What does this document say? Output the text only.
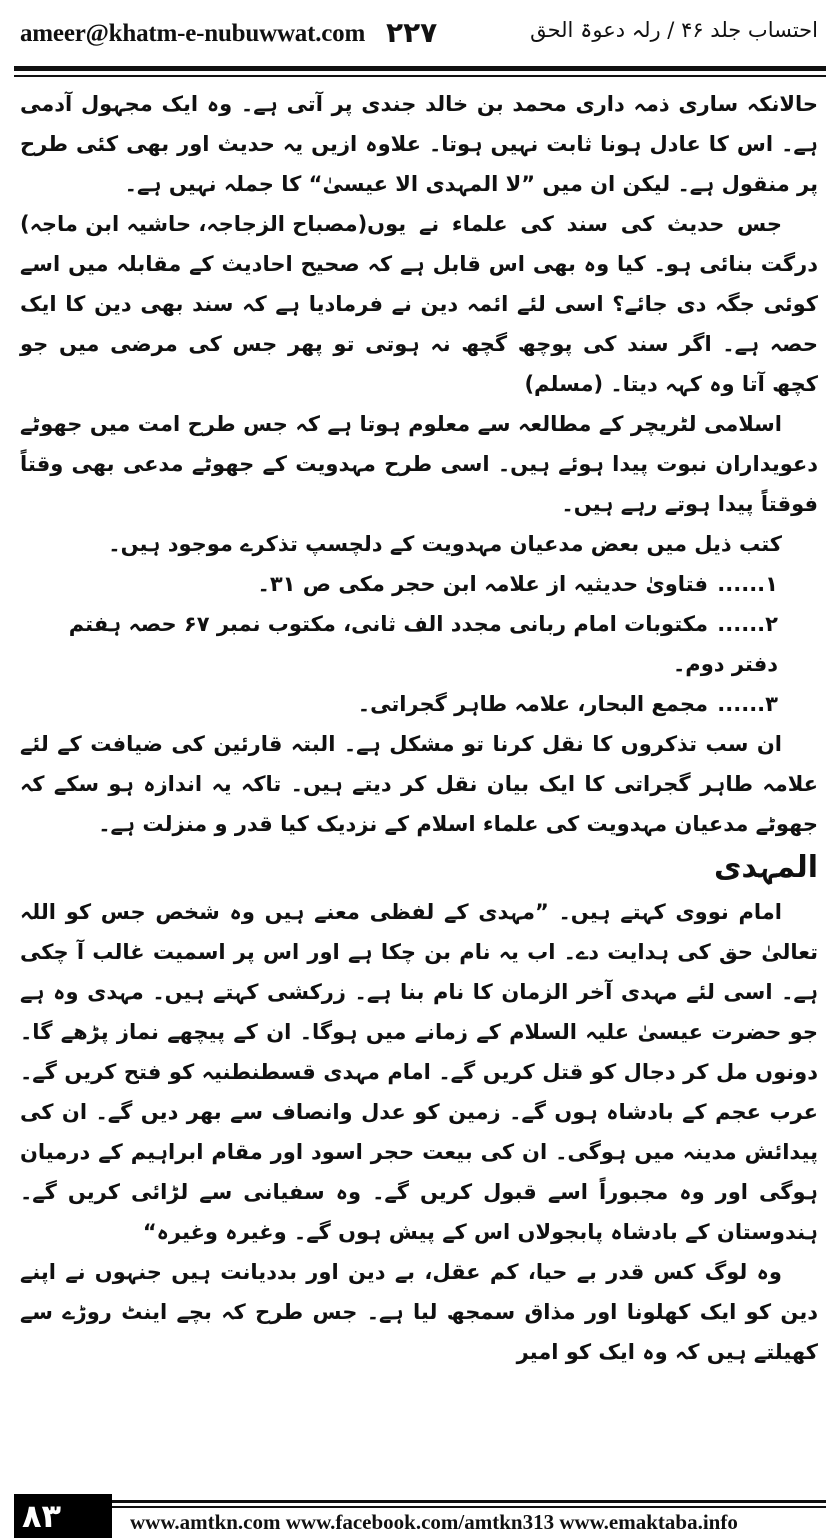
ameer@khatm-e-nubuwwat.com ۲۲۷	احتساب جلد ۴۶ / رلہ دعوۃ الحق

حالانکہ ساری ذمہ داری محمد بن خالد جندی پر آتی ہے۔ وہ ایک مجہول آدمی ہے۔ اس کا عادل ہونا ثابت نہیں ہوتا۔ علاوہ ازیں یہ حدیث اور بھی کئی طرح پر منقول ہے۔ لیکن ان میں ”لا المہدی الا عیسیٰ“ کا جملہ نہیں ہے۔
(مصباح الزجاجہ، حاشیہ ابن ماجہ) جس حدیث کی سند کی علماء نے یوں درگت بنائی ہو۔ کیا وہ بھی اس قابل ہے کہ صحیح احادیث کے مقابلہ میں اسے کوئی جگہ دی جائے؟ اسی لئے ائمہ دین نے فرمادیا ہے کہ سند بھی دین کا ایک حصہ ہے۔ اگر سند کی پوچھ گچھ نہ ہوتی تو پھر جس کی مرضی میں جو کچھ آتا وہ کہہ دیتا۔ (مسلم)

اسلامی لٹریچر کے مطالعہ سے معلوم ہوتا ہے کہ جس طرح امت میں جھوٹے دعویداران نبوت پیدا ہوئے ہیں۔ اسی طرح مہدویت کے جھوٹے مدعی بھی وقتاً فوقتاً پیدا ہوتے رہے ہیں۔

کتب ذیل میں بعض مدعیان مہدویت کے دلچسپ تذکرے موجود ہیں۔

۱......فتاویٰ حدیثیہ از علامہ ابن حجر مکی ص ۳۱۔

۲......مکتوبات امام ربانی مجدد الف ثانی، مکتوب نمبر ۶۷ حصہ ہفتم دفتر دوم۔

۳......مجمع البحار، علامہ طاہر گجراتی۔

ان سب تذکروں کا نقل کرنا تو مشکل ہے۔ البتہ قارئین کی ضیافت کے لئے علامہ طاہر گجراتی کا ایک بیان نقل کر دیتے ہیں۔ تاکہ یہ اندازہ ہو سکے کہ جھوٹے مدعیان مہدویت کی علماء اسلام کے نزدیک کیا قدر و منزلت ہے۔

المہدی

امام نووی کہتے ہیں۔ ”مہدی کے لفظی معنے ہیں وہ شخص جس کو اللہ تعالیٰ حق کی ہدایت دے۔ اب یہ نام بن چکا ہے اور اس پر اسمیت غالب آ چکی ہے۔ اسی لئے مہدی آخر الزمان کا نام بنا ہے۔ زرکشی کہتے ہیں۔ مہدی وہ ہے جو حضرت عیسیٰ علیہ السلام کے زمانے میں ہوگا۔ ان کے پیچھے نماز پڑھے گا۔ دونوں مل کر دجال کو قتل کریں گے۔ امام مہدی قسطنطنیہ کو فتح کریں گے۔ عرب عجم کے بادشاہ ہوں گے۔ زمین کو عدل وانصاف سے بھر دیں گے۔ ان کی پیدائش مدینہ میں ہوگی۔ ان کی بیعت حجر اسود اور مقام ابراہیم کے درمیان ہوگی اور وہ مجبوراً اسے قبول کریں گے۔ وہ سفیانی سے لڑائی کریں گے۔ ہندوستان کے بادشاہ پابجولاں اس کے پیش ہوں گے۔ وغیرہ وغیرہ“

وہ لوگ کس قدر بے حیا، کم عقل، بے دین اور بددیانت ہیں جنہوں نے اپنے دین کو ایک کھلونا اور مذاق سمجھ لیا ہے۔ جس طرح کہ بچے اینٹ روڑے سے کھیلتے ہیں کہ وہ ایک کو امیر

۸۳	www.amtkn.com www.facebook.com/amtkn313 www.emaktaba.info
